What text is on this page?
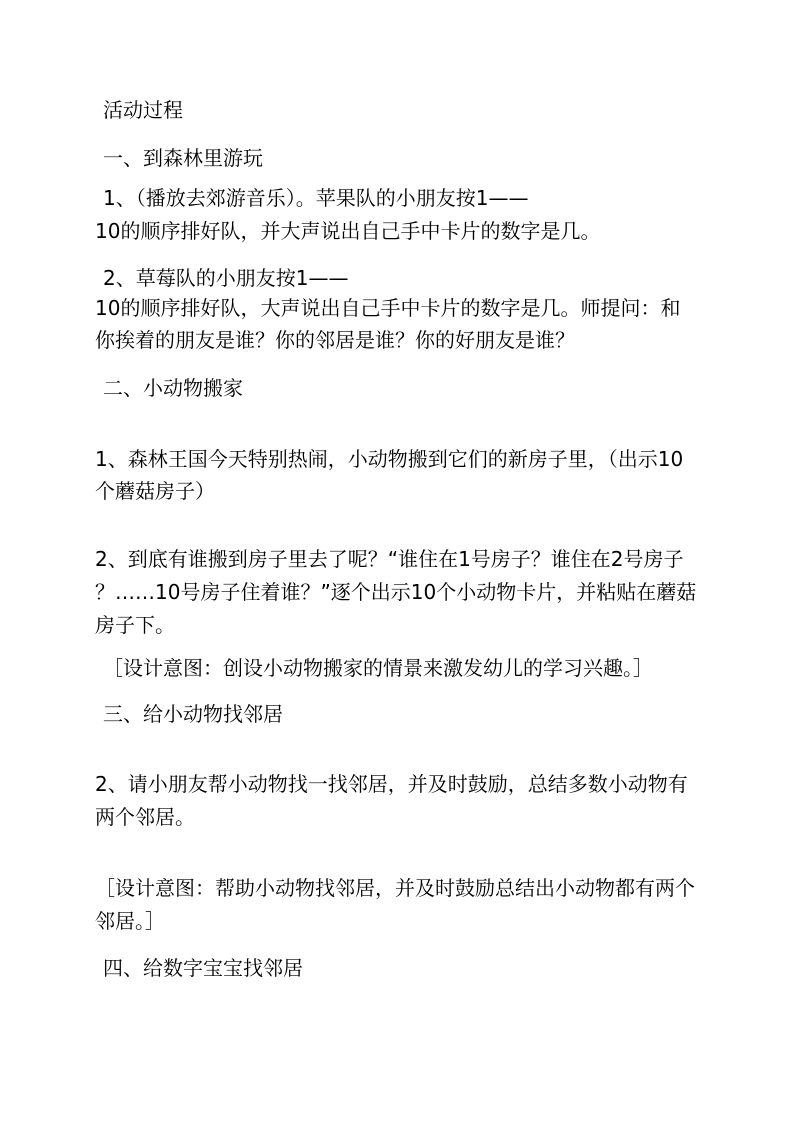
活动过程
一、到森林里游玩
1、（播放去郊游音乐）。苹果队的小朋友按1——
10的顺序排好队，并大声说出自己手中卡片的数字是几。
2、草莓队的小朋友按1——
10的顺序排好队，大声说出自己手中卡片的数字是几。师提问：和
你挨着的朋友是谁？你的邻居是谁？你的好朋友是谁？
二、小动物搬家
1、森林王国今天特别热闹，小动物搬到它们的新房子里，（出示10
个蘑菇房子）
2、到底有谁搬到房子里去了呢？“谁住在1号房子？谁住在2号房子
？……10号房子住着谁？”逐个出示10个小动物卡片，并粘贴在蘑菇
房子下。
［设计意图：创设小动物搬家的情景来激发幼儿的学习兴趣。］
三、给小动物找邻居
2、请小朋友帮小动物找一找邻居，并及时鼓励，总结多数小动物有
两个邻居。
［设计意图：帮助小动物找邻居，并及时鼓励总结出小动物都有两个
邻居。］
四、给数字宝宝找邻居
